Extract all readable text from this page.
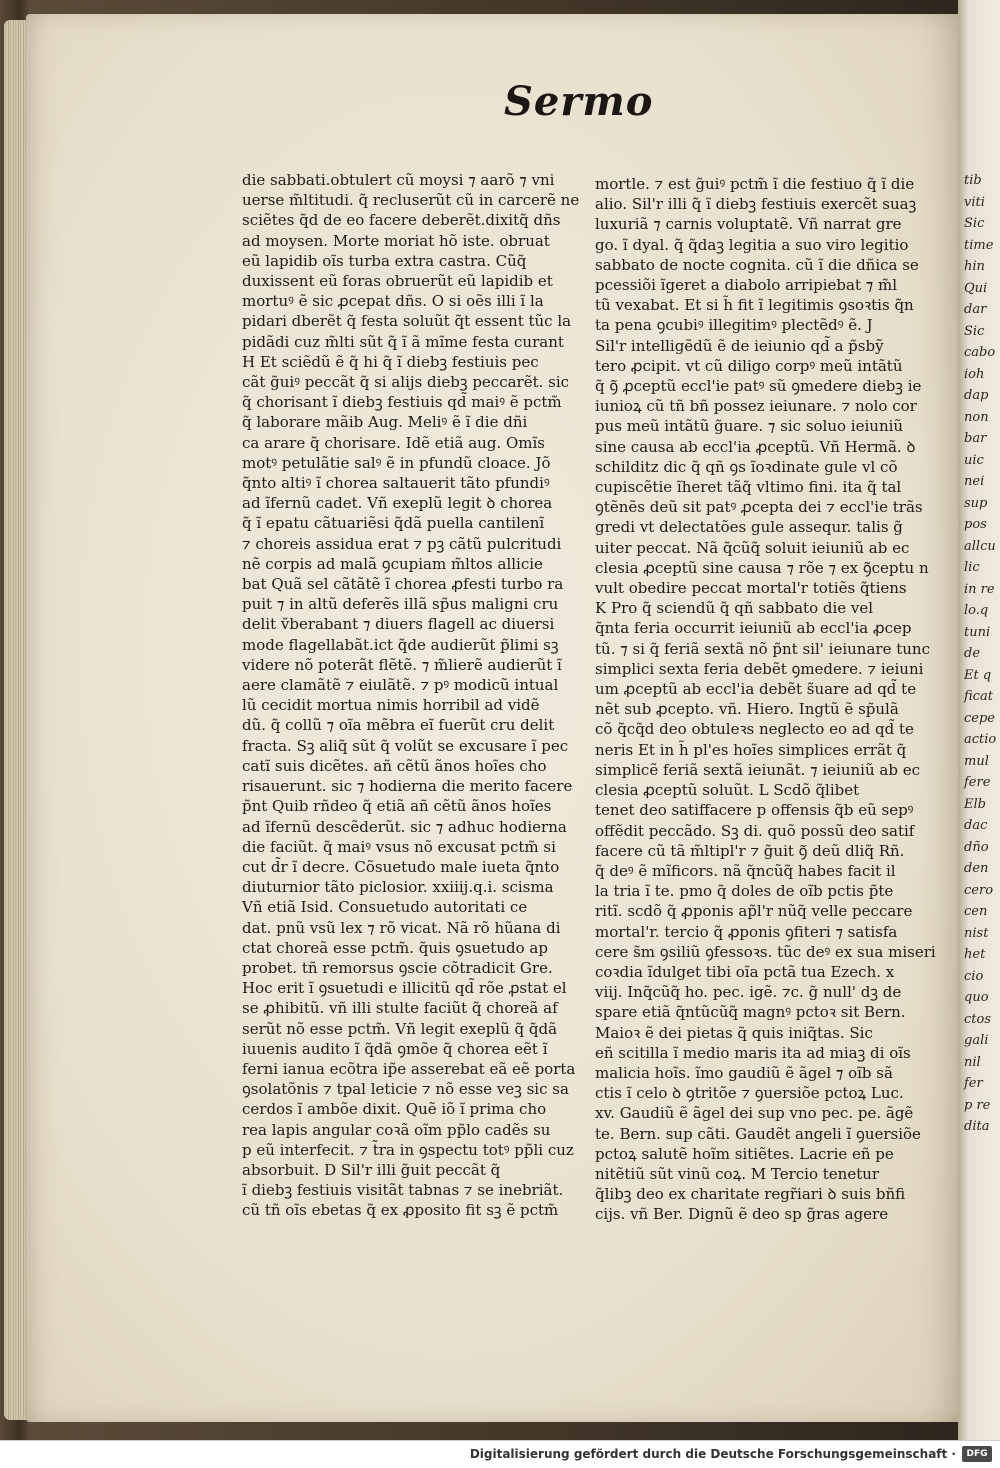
tib
viti
Sic
time
hin
Qui
dar
Sic
cabo
ioh
dap
non
bar
uic
nei
sup
pos
allcu
lic
in re
lo.q
tuni
de
Et q
ficat
cepe
actio
mul
fere
Elb
dac
dño
den
cero
cen
nist
het
cio
quo
ctos
gali
nil
fer
p re
dita
Sermo
die sabbati.obtulert cũ moysi ⁊ aarõ ⁊ vni
uerse m̃ltitudi. q̃ recluserũt cũ in carcerẽ ne
sciẽtes q̃d de eo facere deberẽt.dixitq̃ dñs
ad moysen. Morte moriat hõ iste. obruat
eũ lapidib oĩs turba extra castra. Cũq̃
duxissent eũ foras obruerũt eũ lapidib et
mortuꝰ ẽ sic ꝓcepat dñs. O si oẽs illi ĩ la
pidari dberẽt q̃ festa soluũt q̃t essent tũc la
pidãdi cuz m̃lti sũt q̃ ĩ ã mĩme festa curant
H Et sciẽdũ ẽ q̃ hi q̃ ĩ diebꝫ festiuis pec
cãt g̃uiꝰ peccãt q̃ si alijs diebꝫ peccarẽt. sic
q̃ chorisant ĩ diebꝫ festiuis qd̃ maiꝰ ẽ pctm̃
q̃ laborare mãib Aug. Meliꝰ ẽ ĩ die dñi
ca arare q̃ chorisare. Idẽ etiã aug. Omĩs
motꝰ petulãtie salꝰ ẽ in pfundũ cloace. Jõ
q̃nto altiꝰ ĩ chorea saltauerit tãto pfundiꝰ
ad ĩfernũ cadet. Vñ exeplũ legit ꝺ chorea
q̃ ĩ epatu cãtuariẽsi q̃dã puella cantilenĩ
⁊ choreis assidua erat ⁊ pꝫ cãtũ pulcritudi
nẽ corpis ad malã ꝯcupiam m̃ltos allicie
bat Quã sel cãtãtẽ ĩ chorea ꝓfesti turbo ra
puit ⁊ in altũ deferẽs illã sp̃us maligni cru
delit v̆berabant ⁊ diuers flagell ac diuersi
mode flagellabãt.ict q̃de audierũt p̃limi sꝫ
videre nõ poterãt flẽtẽ. ⁊ m̃lierẽ audierũt ĩ
aere clamãtẽ ⁊ eiulãtẽ. ⁊ pꝰ modicũ intual
lũ cecidit mortua nimis horribil ad vidẽ
dũ. q̃ collũ ⁊ oĩa mẽbra eĩ fuerũt cru delit
fracta. Sꝫ aliq̃ sũt q̃ volũt se excusare ĩ pec
catĩ suis dicẽtes. añ cẽtũ ãnos hoĩes cho
risauerunt. sic ⁊ hodierna die merito facere
p̃nt Quib rñdeo q̃ etiã añ cẽtũ ãnos hoĩes
ad ĩfernũ descẽderũt. sic ⁊ adhuc hodierna
die faciũt. q̃ maiꝰ vsus nõ excusat pctm̃ si
cut d̃r ĩ decre. Cõsuetudo male iueta q̃nto
diuturnior tãto piclosior. xxiiij.q.i. scisma
Vñ etiã Isid. Consuetudo autoritati ce
dat. pnũ vsũ lex ⁊ rõ vicat. Nã rõ hũana di
ctat choreã esse pctm̃. q̃uis ꝯsuetudo ap
probet. tñ remorsus ꝯscie cõtradicit Gre.
Hoc erit ĩ ꝯsuetudi e illicitũ qd̃ rõe ꝓstat el
se ꝓhibitũ. vñ illi stulte faciũt q̃ choreã af
serũt nõ esse pctm̃. Vñ legit exeplũ q̃ q̃dã
iuuenis audito ĩ q̃dã ꝯmõe q̃ chorea eẽt ĩ
ferni ianua ecõtra ip̃e asserebat eã eẽ porta
ꝯsolatõnis ⁊ tpal leticie ⁊ nõ esse veꝫ sic sa
cerdos ĩ ambõe dixit. Quẽ iõ ĩ prima cho
rea lapis angular coꝛã oĩm pp̃lo cadẽs su
p eũ interfecit. ⁊ t̃ra in ꝯspectu totꝰ pp̃li cuz
absorbuit. D Sil'r illi g̃uit peccãt q̃
ĩ diebꝫ festiuis visitãt tabnas ⁊ se inebriãt.
cũ tñ oĩs ebetas q̃ ex ꝓposito fit sꝫ ẽ pctm̃
mortle. ⁊ est g̃uiꝰ pctm̃ ĩ die festiuo q̃ ĩ die
alio. Sil'r illi q̃ ĩ diebꝫ festiuis exercẽt suaꝫ
luxuriã ⁊ carnis voluptatẽ. Vñ narrat gre
go. ĩ dyal. q̃ q̃daꝫ legitia a suo viro legitio
sabbato de nocte cognita. cũ ĩ die dñica se
pcessiõi ĩgeret a diabolo arripiebat ⁊ m̃l
tũ vexabat. Et si h̃ fit ĩ legitimis ꝯsoꝛtis q̃n
ta pena ꝯcubiꝰ illegitimꝰ plectẽdꝰ ẽ. J
Sil'r intelligẽdũ ẽ de ieiunio qd̃ a p̃sbỹ
tero ꝓcipit. vt cũ diligo corpꝰ meũ intãtũ
q̃ ꝯ̃ ꝓceptũ eccl'ie patꝰ sũ ꝯmedere diebꝫ ie
iunioꝝ cũ tñ bñ possez ieiunare. ⁊ nolo cor
pus meũ intãtũ g̃uare. ⁊ sic soluo ieiuniũ
sine causa ab eccl'ia ꝓceptũ. Vñ Hermã. ꝺ
schilditz dic q̃ qñ ꝯs ĩoꝛdinate gule vl cõ
cupiscẽtie ĩheret tãq̃ vltimo fini. ita q̃ tal
ꝯtẽnẽs deũ sit patꝰ ꝓcepta dei ⁊ eccl'ie trãs
gredi vt delectatões gule assequr. talis g̃
uiter peccat. Nã q̃cũq̃ soluit ieiuniũ ab ec
clesia ꝓceptũ sine causa ⁊ rõe ⁊ ex ꝯ̃ceptu n
vult obedire peccat mortal'r totiẽs q̃tiens
K Pro q̃ sciendũ q̃ qñ sabbato die vel
q̃nta feria occurrit ieiuniũ ab eccl'ia ꝓcep
tũ. ⁊ si q̃ feriã sextã nõ p̃nt sil' ieiunare tunc
simplici sexta feria debẽt ꝯmedere. ⁊ ieiuni
um ꝓceptũ ab eccl'ia debẽt s̃uare ad qd̃ te
nẽt sub ꝓcepto. vñ. Hiero. Ingtũ ẽ sp̃ulã
cõ q̃cq̃d deo obtuleꝛs neglecto eo ad qd̃ te
neris Et in h̃ pl'es hoĩes simplices errãt q̃
simplicẽ feriã sextã ieiunãt. ⁊ ieiuniũ ab ec
clesia ꝓceptũ soluũt. L Scdõ q̃libet
tenet deo satiffacere p offensis q̃b eũ sepꝰ
offẽdit peccãdo. Sꝫ di. quõ possũ deo satif
facere cũ tã m̃ltipl'r ⁊ g̃uit ꝯ̃ deũ dliq̃ Rñ.
q̃ deꝰ ẽ mĩficors. nã q̃ncũq̃ habes facit il
la tria ĩ te. pmo q̃ doles de oĩb pctis p̃te
ritĩ. scdõ q̃ ꝓponis ap̃l'r nũq̃ velle peccare
mortal'r. tercio q̃ ꝓponis ꝯfiteri ⁊ satisfa
cere s̃m ꝯsiliũ ꝯfessoꝛs. tũc deꝰ ex sua miseri
coꝛdia ĩdulget tibi oĩa pctã tua Ezech. x
viij. Inq̃cũq̃ ho. pec. igẽ. ⁊c. g̃ null' dꝫ de
spare etiã q̃ntũcũq̃ magnꝰ pctoꝛ sit Bern.
Maioꝛ ẽ dei pietas q̃ quis iniq̃tas. Sic
eñ scitilla ĩ medio maris ita ad miaꝫ di oĩs
malicia hoĩs. ĩmo gaudiũ ẽ ãgel ⁊ oĩb sã
ctis ĩ celo ꝺ ꝯtritõe ⁊ ꝯuersiõe pctoꝝ Luc.
xv. Gaudiũ ẽ ãgel dei sup vno pec. pe. ãgẽ
te. Bern. sup cãti. Gaudẽt angeli ĩ ꝯuersiõe
pctoꝝ salutẽ hoĩm sitiẽtes. Lacrie eñ pe
nitẽtiũ sũt vinũ coꝝ. M Tercio tenetur
q̃libꝫ deo ex charitate regr̃iari ꝺ suis bñfi
cijs. vñ Ber. Dignũ ẽ deo sp g̃ras agere
Digitalisierung gefördert durch die Deutsche Forschungsgemeinschaft ·	DFG
